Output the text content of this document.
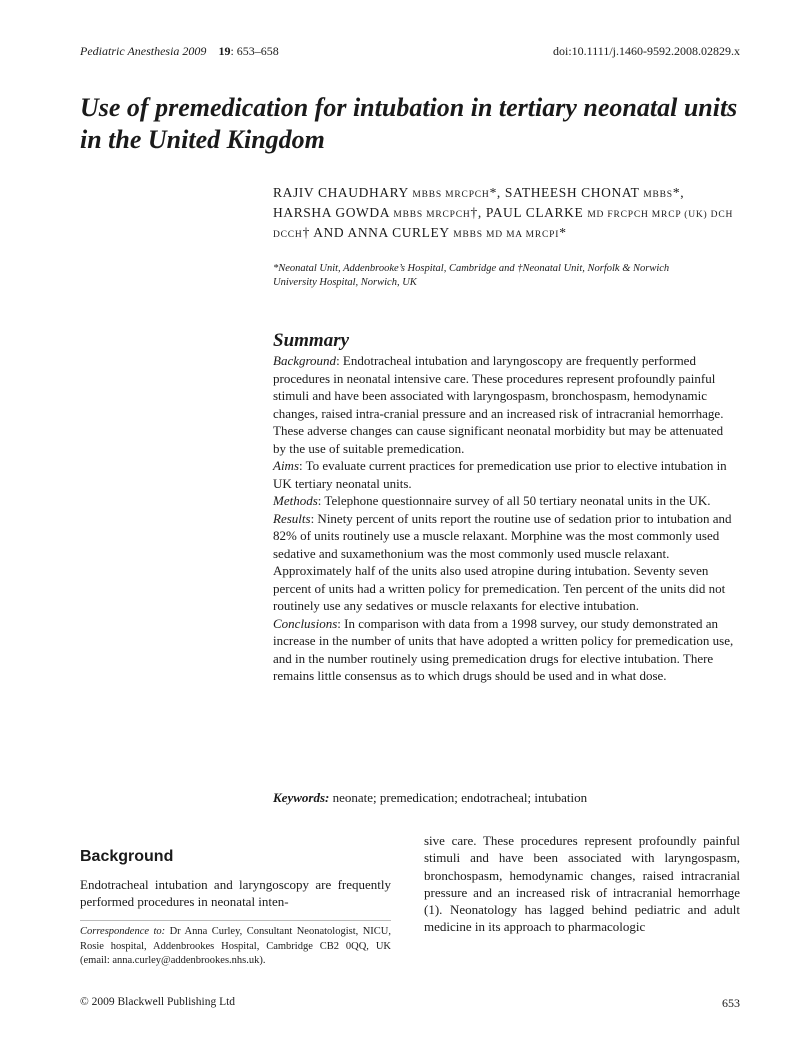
Pediatric Anesthesia 2009 19: 653–658	doi:10.1111/j.1460-9592.2008.02829.x
Use of premedication for intubation in tertiary neonatal units in the United Kingdom
RAJIV CHAUDHARY MBBS MRCPCH*, SATHEESH CHONAT MBBS*, HARSHA GOWDA MBBS MRCPCH†, PAUL CLARKE MD FRCPCH MRCP (UK) DCH DCCH† AND ANNA CURLEY MBBS MD MA MRCPI*
*Neonatal Unit, Addenbrooke’s Hospital, Cambridge and †Neonatal Unit, Norfolk & Norwich University Hospital, Norwich, UK
Summary

Background: Endotracheal intubation and laryngoscopy are frequently performed procedures in neonatal intensive care. These procedures represent profoundly painful stimuli and have been associated with laryngospasm, bronchospasm, hemodynamic changes, raised intra-cranial pressure and an increased risk of intracranial hemorrhage. These adverse changes can cause significant neonatal morbidity but may be attenuated by the use of suitable premedication.

Aims: To evaluate current practices for premedication use prior to elective intubation in UK tertiary neonatal units.

Methods: Telephone questionnaire survey of all 50 tertiary neonatal units in the UK.

Results: Ninety percent of units report the routine use of sedation prior to intubation and 82% of units routinely use a muscle relaxant. Morphine was the most commonly used sedative and suxamethonium was the most commonly used muscle relaxant. Approximately half of the units also used atropine during intubation. Seventy seven percent of units had a written policy for premedication. Ten percent of the units did not routinely use any sedatives or muscle relaxants for elective intubation.

Conclusions: In comparison with data from a 1998 survey, our study demonstrated an increase in the number of units that have adopted a written policy for premedication use, and in the number routinely using premedication drugs for elective intubation. There remains little consensus as to which drugs should be used and in what dose.

Keywords: neonate; premedication; endotracheal; intubation
Background
Endotracheal intubation and laryngoscopy are frequently performed procedures in neonatal inten-
Correspondence to: Dr Anna Curley, Consultant Neonatologist, NICU, Rosie hospital, Addenbrookes Hospital, Cambridge CB2 0QQ, UK (email: anna.curley@addenbrookes.nhs.uk).
sive care. These procedures represent profoundly painful stimuli and have been associated with laryngospasm, bronchospasm, hemodynamic changes, raised intracranial pressure and an increased risk of intracranial hemorrhage (1). Neonatology has lagged behind pediatric and adult medicine in its approach to pharmacologic
© 2009 Blackwell Publishing Ltd	653
